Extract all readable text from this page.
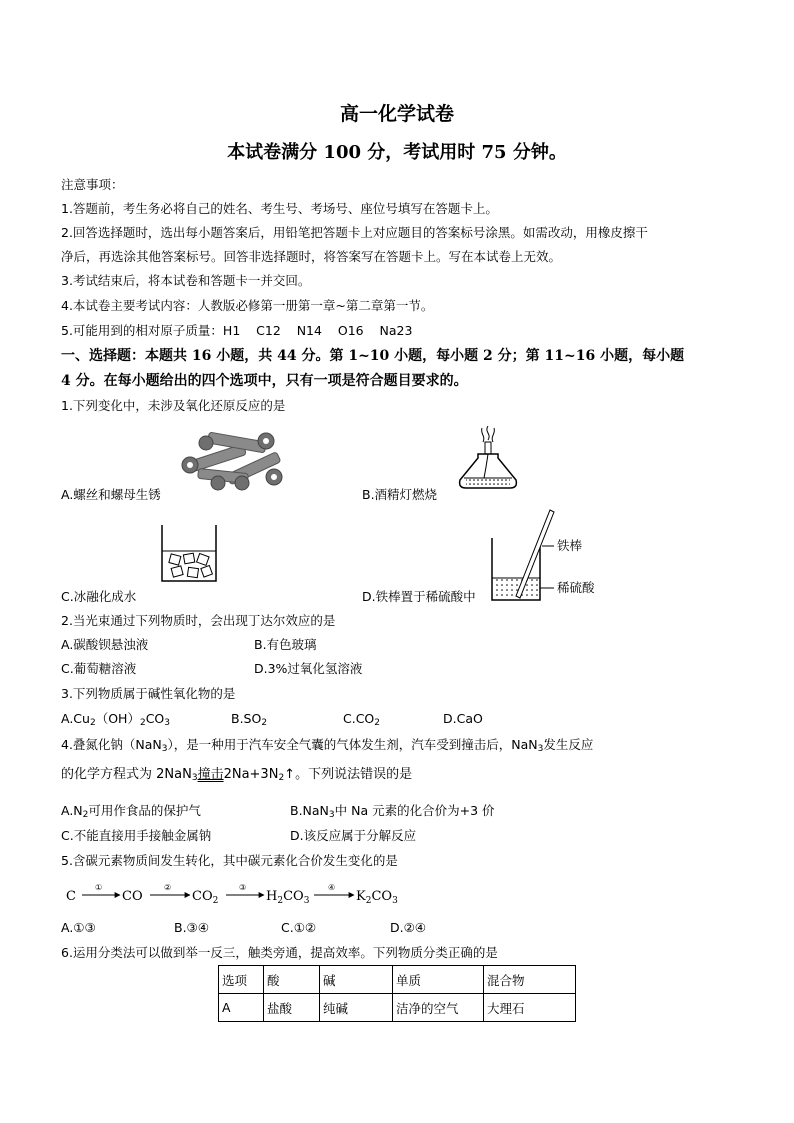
高一化学试卷
本试卷满分 100 分，考试用时 75 分钟。
注意事项：
1.答题前，考生务必将自己的姓名、考生号、考场号、座位号填写在答题卡上。
2.回答选择题时，选出每小题答案后，用铅笔把答题卡上对应题目的答案标号涂黑。如需改动，用橡皮擦干
净后，再选涂其他答案标号。回答非选择题时，将答案写在答题卡上。写在本试卷上无效。
3.考试结束后，将本试卷和答题卡一并交回。
4.本试卷主要考试内容：人教版必修第一册第一章~第二章第一节。
5.可能用到的相对原子质量：H1    C12    N14    O16    Na23
一、选择题：本题共 16 小题，共 44 分。第 1~10 小题，每小题 2 分；第 11~16 小题，每小题
4 分。在每小题给出的四个选项中，只有一项是符合题目要求的。
1.下列变化中，未涉及氧化还原反应的是
A.螺丝和螺母生锈	B.酒精灯燃烧
铁棒
稀硫酸
C.冰融化成水	D.铁棒置于稀硫酸中
2.当光束通过下列物质时，会出现丁达尔效应的是
A.碳酸钡悬浊液	B.有色玻璃
C.葡萄糖溶液	D.3%过氧化氢溶液
3.下列物质属于碱性氧化物的是
$A.Cu_2(OH)_2CO_3$	$B.SO_2$	$C.CO_2$	D.CaO
4.叠氮化钠（NaN$_3$），是一种用于汽车安全气囊的气体发生剂，汽车受到撞击后，NaN$_3$发生反应
的化学方程式为 2NaN$_3$撞击$2Na+3N_2↑$。下列说法错误的是
$A.N_2$可用作食品的保护气	B.NaN$_3$中 Na 元素的化合价为+3 价
C.不能直接用手接触金属钠	D.该反应属于分解反应
5.含碳元素物质间发生转化，其中碳元素化合价发生变化的是
C
①
CO
②
$CO_2$
③
$H_2CO_3$
④
$K_2CO_3$
A.①③	B.③④	C.①②	D.②④
6.运用分类法可以做到举一反三，触类旁通，提高效率。下列物质分类正确的是
选项	酸	碱	单质	混合物
A	盐酸	纯碱	洁净的空气	大理石
